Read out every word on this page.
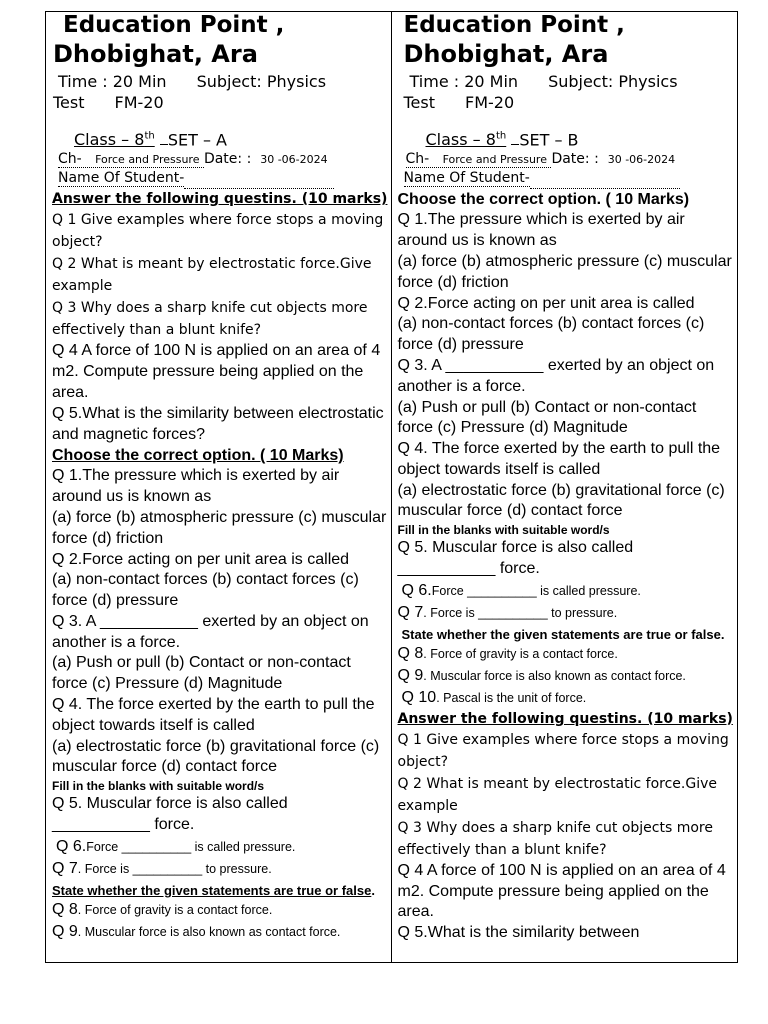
Education Point ,
Dhobighat, Ara
Time : 20 Min Subject: Physics
Test FM-20
Class – 8th SET – A
Ch- Force and Pressure Date: : 30 -06-2024
Name Of Student-
Answer the following questins. (10 marks)
Q 1 Give examples where force stops a moving object?
Q 2 What is meant by electrostatic force.Give example
Q 3 Why does a sharp knife cut objects more effectively than a blunt knife?
Q 4 A force of 100 N is applied on an area of 4 m2. Compute pressure being applied on the area.
Q 5.What is the similarity between electrostatic and magnetic forces?
Choose the correct option. ( 10 Marks)
Q 1.The pressure which is exerted by air around us is known as
(a) force (b) atmospheric pressure (c) muscular force (d) friction
Q 2.Force acting on per unit area is called
(a) non-contact forces (b) contact forces (c) force (d) pressure
Q 3. A ___________ exerted by an object on another is a force.
(a) Push or pull (b) Contact or non-contact force (c) Pressure (d) Magnitude
Q 4. The force exerted by the earth to pull the object towards itself is called
(a) electrostatic force (b) gravitational force (c) muscular force (d) contact force
Fill in the blanks with suitable word/s
Q 5. Muscular force is also called ___________ force.
Q 6.Force __________ is called pressure.
Q 7. Force is __________ to pressure.
State whether the given statements are true or false.
Q 8. Force of gravity is a contact force.
Q 9. Muscular force is also known as contact force.
Education Point ,
Dhobighat, Ara
Time : 20 Min Subject: Physics
Test FM-20
Class – 8th SET – B
Ch- Force and Pressure Date: : 30 -06-2024
Name Of Student-
Choose the correct option. ( 10 Marks)
Q 1.The pressure which is exerted by air around us is known as
(a) force (b) atmospheric pressure (c) muscular force (d) friction
Q 2.Force acting on per unit area is called
(a) non-contact forces (b) contact forces (c) force (d) pressure
Q 3. A ___________ exerted by an object on another is a force.
(a) Push or pull (b) Contact or non-contact force (c) Pressure (d) Magnitude
Q 4. The force exerted by the earth to pull the object towards itself is called
(a) electrostatic force (b) gravitational force (c) muscular force (d) contact force
Fill in the blanks with suitable word/s
Q 5. Muscular force is also called ___________ force.
Q 6.Force __________ is called pressure.
Q 7. Force is __________ to pressure.
State whether the given statements are true or false.
Q 8. Force of gravity is a contact force.
Q 9. Muscular force is also known as contact force.
Q 10. Pascal is the unit of force.
Answer the following questins. (10 marks)
Q 1 Give examples where force stops a moving object?
Q 2 What is meant by electrostatic force.Give example
Q 3 Why does a sharp knife cut objects more effectively than a blunt knife?
Q 4 A force of 100 N is applied on an area of 4 m2. Compute pressure being applied on the area.
Q 5.What is the similarity between
